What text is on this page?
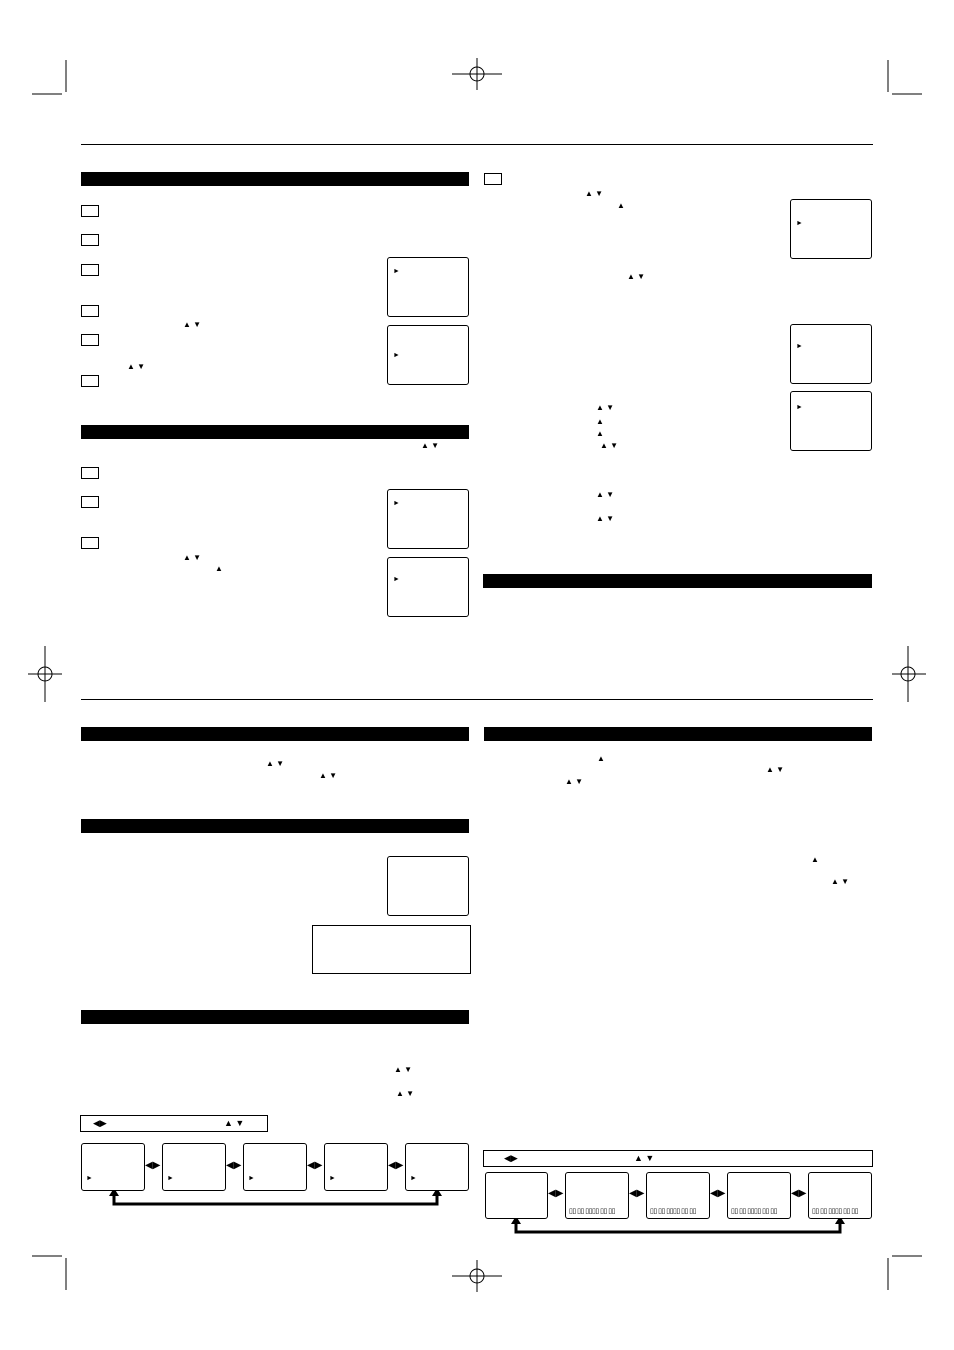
▲ ▼
▲ ▼
►
►
▲ ▼
▲ ▼
▲
►
►
▲ ▼
▲
▲ ▼
►
►
►
▲ ▼
▲
▲
▲ ▼
▲ ▼
▲ ▼
▲ ▼
▲ ▼
▲ ▼
▲ ▼
◀▶	▲ ▼
►
◀▶
►
◀▶
►
◀▶
►
◀▶
►
▲
▲ ▼
▲ ▼
▲
▲ ▼
◀▶	▲ ▼
◀▶
▯▯ ▯▯ ▯▯▯▯ ▯▯ ▯▯
◀▶
▯▯ ▯▯ ▯▯▯▯ ▯▯ ▯▯
◀▶
▯▯ ▯▯ ▯▯▯▯ ▯▯ ▯▯
◀▶
▯▯ ▯▯ ▯▯▯▯ ▯▯ ▯▯
